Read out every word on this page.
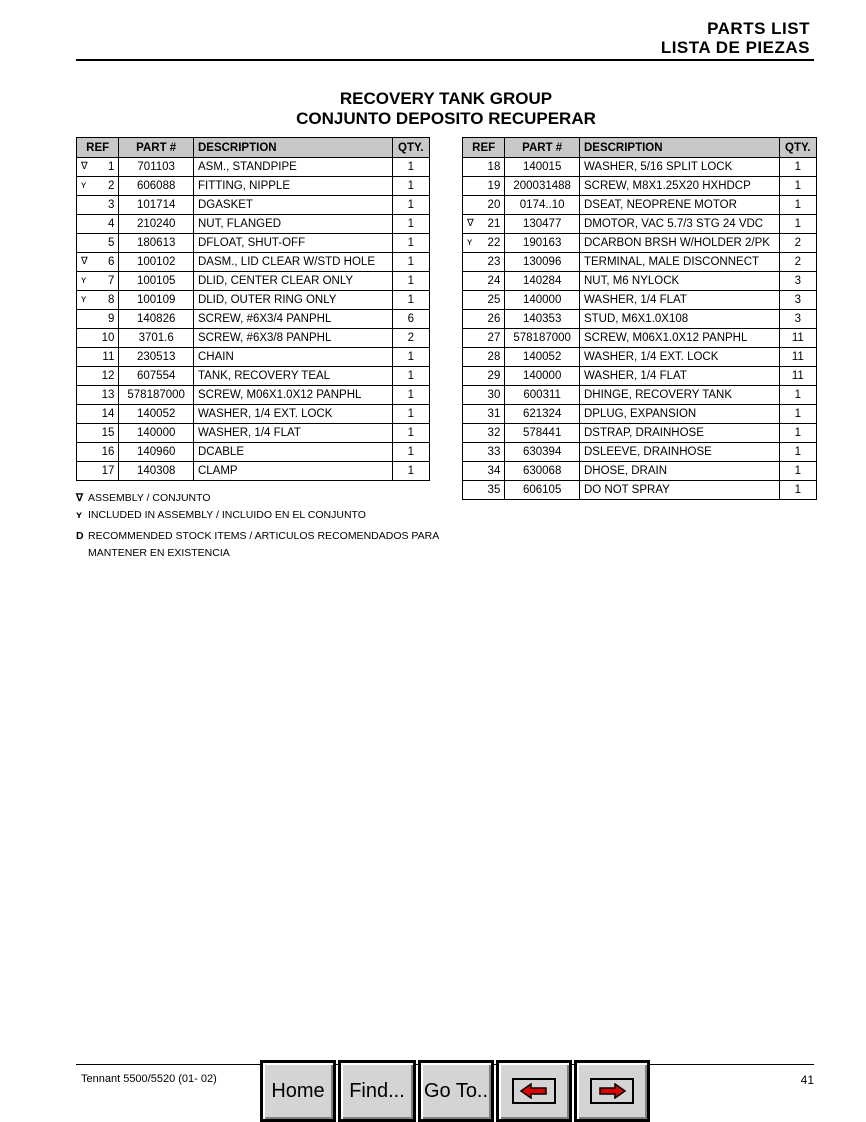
PARTS LIST
LISTA DE PIEZAS
RECOVERY TANK GROUP
CONJUNTO DEPOSITO RECUPERAR
REF	PART #	DESCRIPTION	QTY.

∇ 1	701103	ASM., STANDPIPE	1

ʏ 2	606088	FITTING, NIPPLE	1
3	101714	DGASKET	1
4	210240	NUT, FLANGED	1
5	180613	DFLOAT, SHUT-OFF	1

∇ 6	100102	DASM., LID CLEAR W/STD HOLE	1

ʏ 7	100105	DLID, CENTER CLEAR ONLY	1

ʏ 8	100109	DLID, OUTER RING ONLY	1
9	140826	SCREW, #6X3/4 PANPHL	6
10	3701.6	SCREW, #6X3/8 PANPHL	2
11	230513	CHAIN	1
12	607554	TANK, RECOVERY TEAL	1
13	578187000	SCREW, M06X1.0X12 PANPHL	1
14	140052	WASHER, 1/4 EXT. LOCK	1
15	140000	WASHER, 1/4 FLAT	1
16	140960	DCABLE	1
17	140308	CLAMP	1
REF	PART #	DESCRIPTION	QTY.
18	140015	WASHER, 5/16 SPLIT LOCK	1
19	200031488	SCREW, M8X1.25X20 HXHDCP	1
20	0174..10	DSEAT, NEOPRENE MOTOR	1

∇ 21	130477	DMOTOR, VAC 5.7/3 STG 24 VDC	1

ʏ 22	190163	DCARBON BRSH W/HOLDER 2/PK	2
23	130096	TERMINAL, MALE DISCONNECT	2
24	140284	NUT, M6 NYLOCK	3
25	140000	WASHER, 1/4 FLAT	3
26	140353	STUD, M6X1.0X108	3
27	578187000	SCREW, M06X1.0X12 PANPHL	11
28	140052	WASHER, 1/4 EXT. LOCK	11
29	140000	WASHER, 1/4 FLAT	11
30	600311	DHINGE, RECOVERY TANK	1
31	621324	DPLUG, EXPANSION	1
32	578441	DSTRAP, DRAINHOSE	1
33	630394	DSLEEVE, DRAINHOSE	1
34	630068	DHOSE, DRAIN	1
35	606105	DO NOT SPRAY	1
∇ ASSEMBLY / CONJUNTO
ʏ INCLUDED IN ASSEMBLY / INCLUIDO EN EL CONJUNTO
D RECOMMENDED STOCK ITEMS / ARTICULOS RECOMENDADOS PARA
MANTENER EN EXISTENCIA
Tennant 5500/5520 (01- 02)	41
Home Find... Go To..
